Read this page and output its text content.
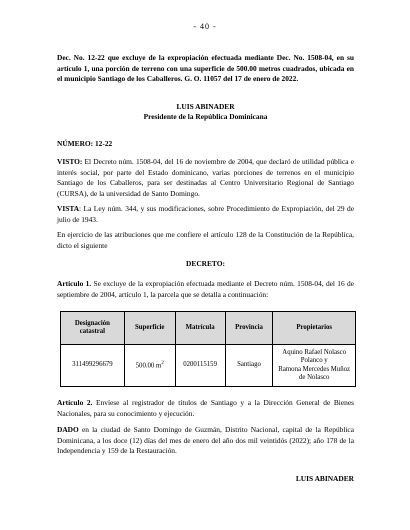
- 40 -
Dec. No. 12-22 que excluye de la expropiación efectuada mediante Dec. No. 1508-04, en su artículo 1, una porción de terreno con una superficie de 500.00 metros cuadrados, ubicada en el municipio Santiago de los Caballeros. G. O. 11057 del 17 de enero de 2022.
LUIS ABINADER
Presidente de la República Dominicana
NÚMERO: 12-22
VISTO: El Decreto núm. 1508-04, del 16 de noviembre de 2004, que declaró de utilidad pública e interés social, por parte del Estado dominicano, varias porciones de terrenos en el municipio Santiago de los Caballeros, para ser destinadas al Centro Universitario Regional de Santiago (CURSA), de la universidad de Santo Domingo.
VISTA: La Ley núm. 344, y sus modificaciones, sobre Procedimiento de Expropiación, del 29 de julio de 1943.
En ejercicio de las atribuciones que me confiere el artículo 128 de la Constitución de la República, dicto el siguiente
DECRETO:
Artículo 1. Se excluye de la expropiación efectuada mediante el Decreto núm. 1508-04, del 16 de septiembre de 2004, artículo 1, la parcela que se detalla a continuación:
Designación catastral	Superficie	Matrícula	Provincia	Propietarios
311499296679	500.00 $m^2$	0200115159	Santiago	Aquino Rafael Nolasco Polanco y
Ramona Mercedes Muñoz de Nolasco
Artículo 2. Envíese al registrador de títulos de Santiago y a la Dirección General de Bienes Nacionales, para su conocimiento y ejecución.
DADO en la ciudad de Santo Domingo de Guzmán, Distrito Nacional, capital de la República Dominicana, a los doce (12) días del mes de enero del año dos mil veintidós (2022); año 178 de la Independencia y 159 de la Restauración.
LUIS ABINADER
